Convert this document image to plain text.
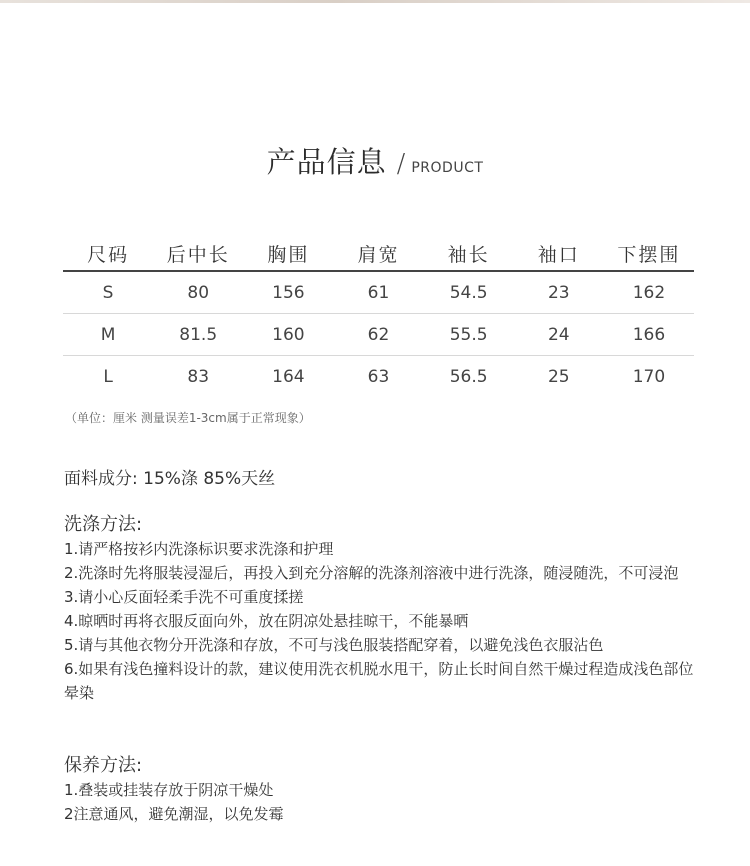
产品信息 / PRODUCT
尺码	后中长	胸围	肩宽	袖长	袖口	下摆围
S	80	156	61	54.5	23	162
M	81.5	160	62	55.5	24	166
L	83	164	63	56.5	25	170
（单位：厘米 测量误差1-3cm属于正常现象）
面料成分: 15%涤 85%天丝
洗涤方法:

1.请严格按衫内洗涤标识要求洗涤和护理

2.洗涤时先将服装浸湿后，再投入到充分溶解的洗涤剂溶液中进行洗涤，随浸随洗，不可浸泡

3.请小心反面轻柔手洗不可重度揉搓

4.晾晒时再将衣服反面向外，放在阴凉处悬挂晾干，不能暴晒

5.请与其他衣物分开洗涤和存放，不可与浅色服装搭配穿着，以避免浅色衣服沾色

6.如果有浅色撞料设计的款，建议使用洗衣机脱水甩干，防止长时间自然干燥过程造成浅色部位晕染

保养方法:

1.叠装或挂装存放于阴凉干燥处

2注意通风，避免潮湿，以免发霉
